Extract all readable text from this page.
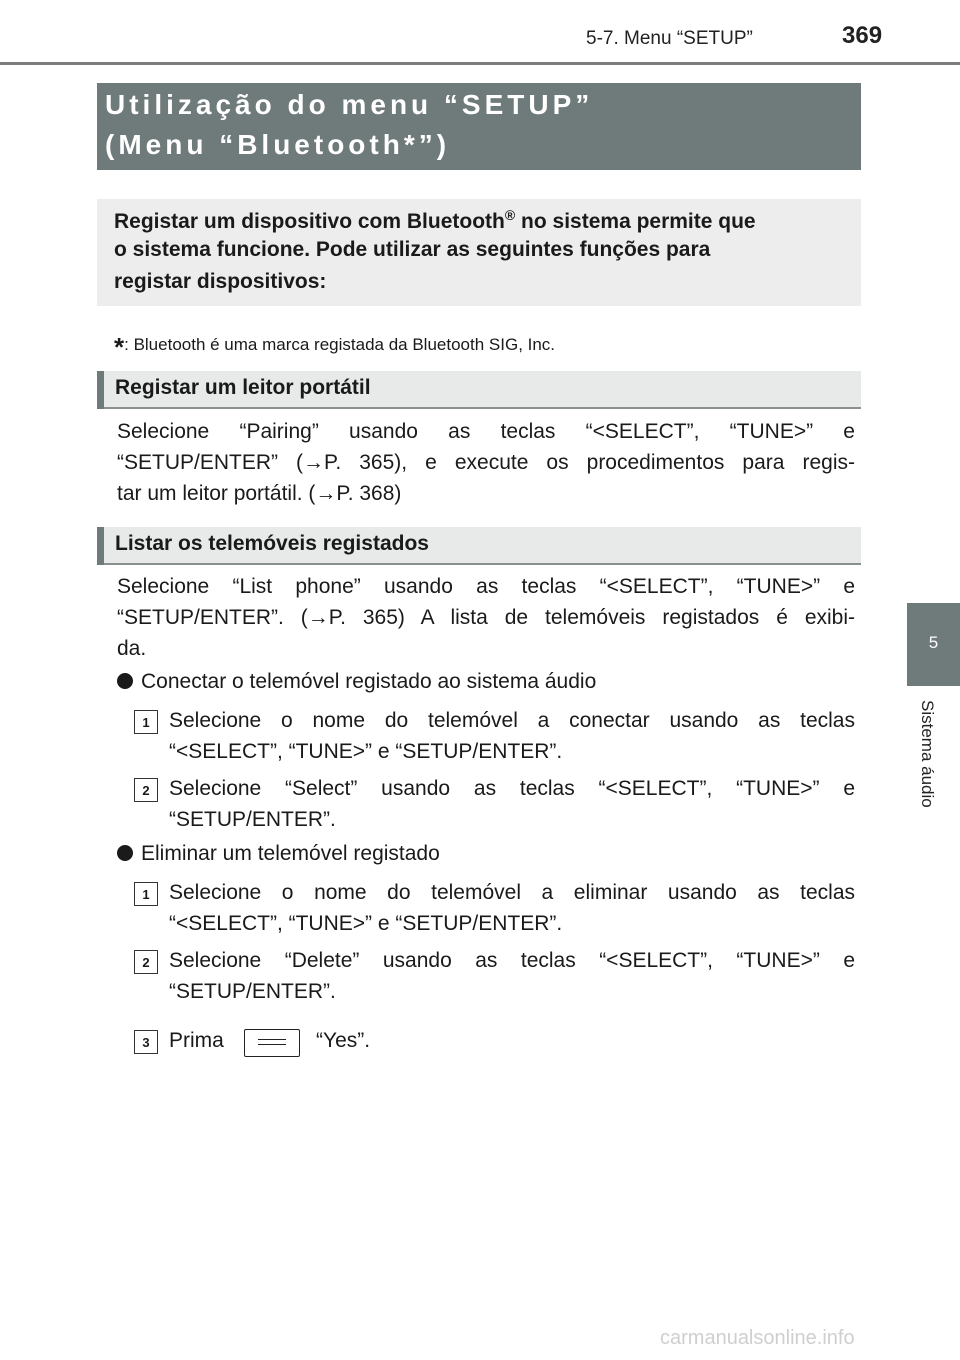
5-7. Menu “SETUP”	369
Utilização do menu “SETUP”
(Menu “Bluetooth*”)
Registar um dispositivo com Bluetooth® no sistema permite que
o sistema funcione. Pode utilizar as seguintes funções para
registar dispositivos:
*: Bluetooth é uma marca registada da Bluetooth SIG, Inc.
Registar um leitor portátil
Selecione “Pairing” usando as teclas “<SELECT”, “TUNE>” e
“SETUP/ENTER” (→P. 365), e execute os procedimentos para regis-
tar um leitor portátil. (→P. 368)
Listar os telemóveis registados
Selecione “List phone” usando as teclas “<SELECT”, “TUNE>” e
“SETUP/ENTER”. (→P. 365) A lista de telemóveis registados é exibi-
da.
Conectar o telemóvel registado ao sistema áudio
1 Selecione o nome do telemóvel a conectar usando as teclas
“<SELECT”, “TUNE>” e “SETUP/ENTER”.
2 Selecione “Select” usando as teclas “<SELECT”, “TUNE>” e
“SETUP/ENTER”.
Eliminar um telemóvel registado
1 Selecione o nome do telemóvel a eliminar usando as teclas
“<SELECT”, “TUNE>” e “SETUP/ENTER”.
2 Selecione “Delete” usando as teclas “<SELECT”, “TUNE>” e
“SETUP/ENTER”.
3 Prima	“Yes”.
5
Sistema áudio
carmanualsonline.info
